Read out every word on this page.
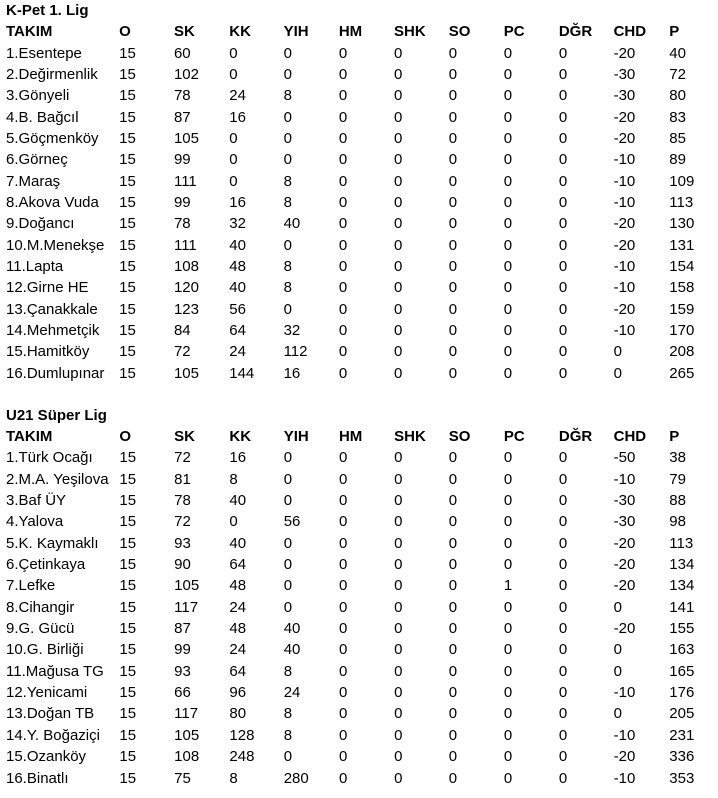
K-Pet 1. Lig
TAKIM	O	SK	KK	YIH	HM	SHK	SO	PC	DĞR	CHD	P
1.Esentepe	15	60	0	0	0	0	0	0	0	-20	40
2.Değirmenlik	15	102	0	0	0	0	0	0	0	-30	72
3.Gönyeli	15	78	24	8	0	0	0	0	0	-30	80
4.B. Bağcıl	15	87	16	0	0	0	0	0	0	-20	83
5.Göçmenköy	15	105	0	0	0	0	0	0	0	-20	85
6.Görneç	15	99	0	0	0	0	0	0	0	-10	89
7.Maraş	15	111	0	8	0	0	0	0	0	-10	109
8.Akova Vuda	15	99	16	8	0	0	0	0	0	-10	113
9.Doğancı	15	78	32	40	0	0	0	0	0	-20	130
10.M.Menekşe	15	111	40	0	0	0	0	0	0	-20	131
11.Lapta	15	108	48	8	0	0	0	0	0	-10	154
12.Girne HE	15	120	40	8	0	0	0	0	0	-10	158
13.Çanakkale	15	123	56	0	0	0	0	0	0	-20	159
14.Mehmetçik	15	84	64	32	0	0	0	0	0	-10	170
15.Hamitköy	15	72	24	112	0	0	0	0	0	0	208
16.Dumlupınar	15	105	144	16	0	0	0	0	0	0	265
U21 Süper Lig
TAKIM	O	SK	KK	YIH	HM	SHK	SO	PC	DĞR	CHD	P
1.Türk Ocağı	15	72	16	0	0	0	0	0	0	-50	38
2.M.A. Yeşilova	15	81	8	0	0	0	0	0	0	-10	79
3.Baf ÜY	15	78	40	0	0	0	0	0	0	-30	88
4.Yalova	15	72	0	56	0	0	0	0	0	-30	98
5.K. Kaymaklı	15	93	40	0	0	0	0	0	0	-20	113
6.Çetinkaya	15	90	64	0	0	0	0	0	0	-20	134
7.Lefke	15	105	48	0	0	0	0	1	0	-20	134
8.Cihangir	15	117	24	0	0	0	0	0	0	0	141
9.G. Gücü	15	87	48	40	0	0	0	0	0	-20	155
10.G. Birliği	15	99	24	40	0	0	0	0	0	0	163
11.Mağusa TG	15	93	64	8	0	0	0	0	0	0	165
12.Yenicami	15	66	96	24	0	0	0	0	0	-10	176
13.Doğan TB	15	117	80	8	0	0	0	0	0	0	205
14.Y. Boğaziçi	15	105	128	8	0	0	0	0	0	-10	231
15.Ozanköy	15	108	248	0	0	0	0	0	0	-20	336
16.Binatlı	15	75	8	280	0	0	0	0	0	-10	353
